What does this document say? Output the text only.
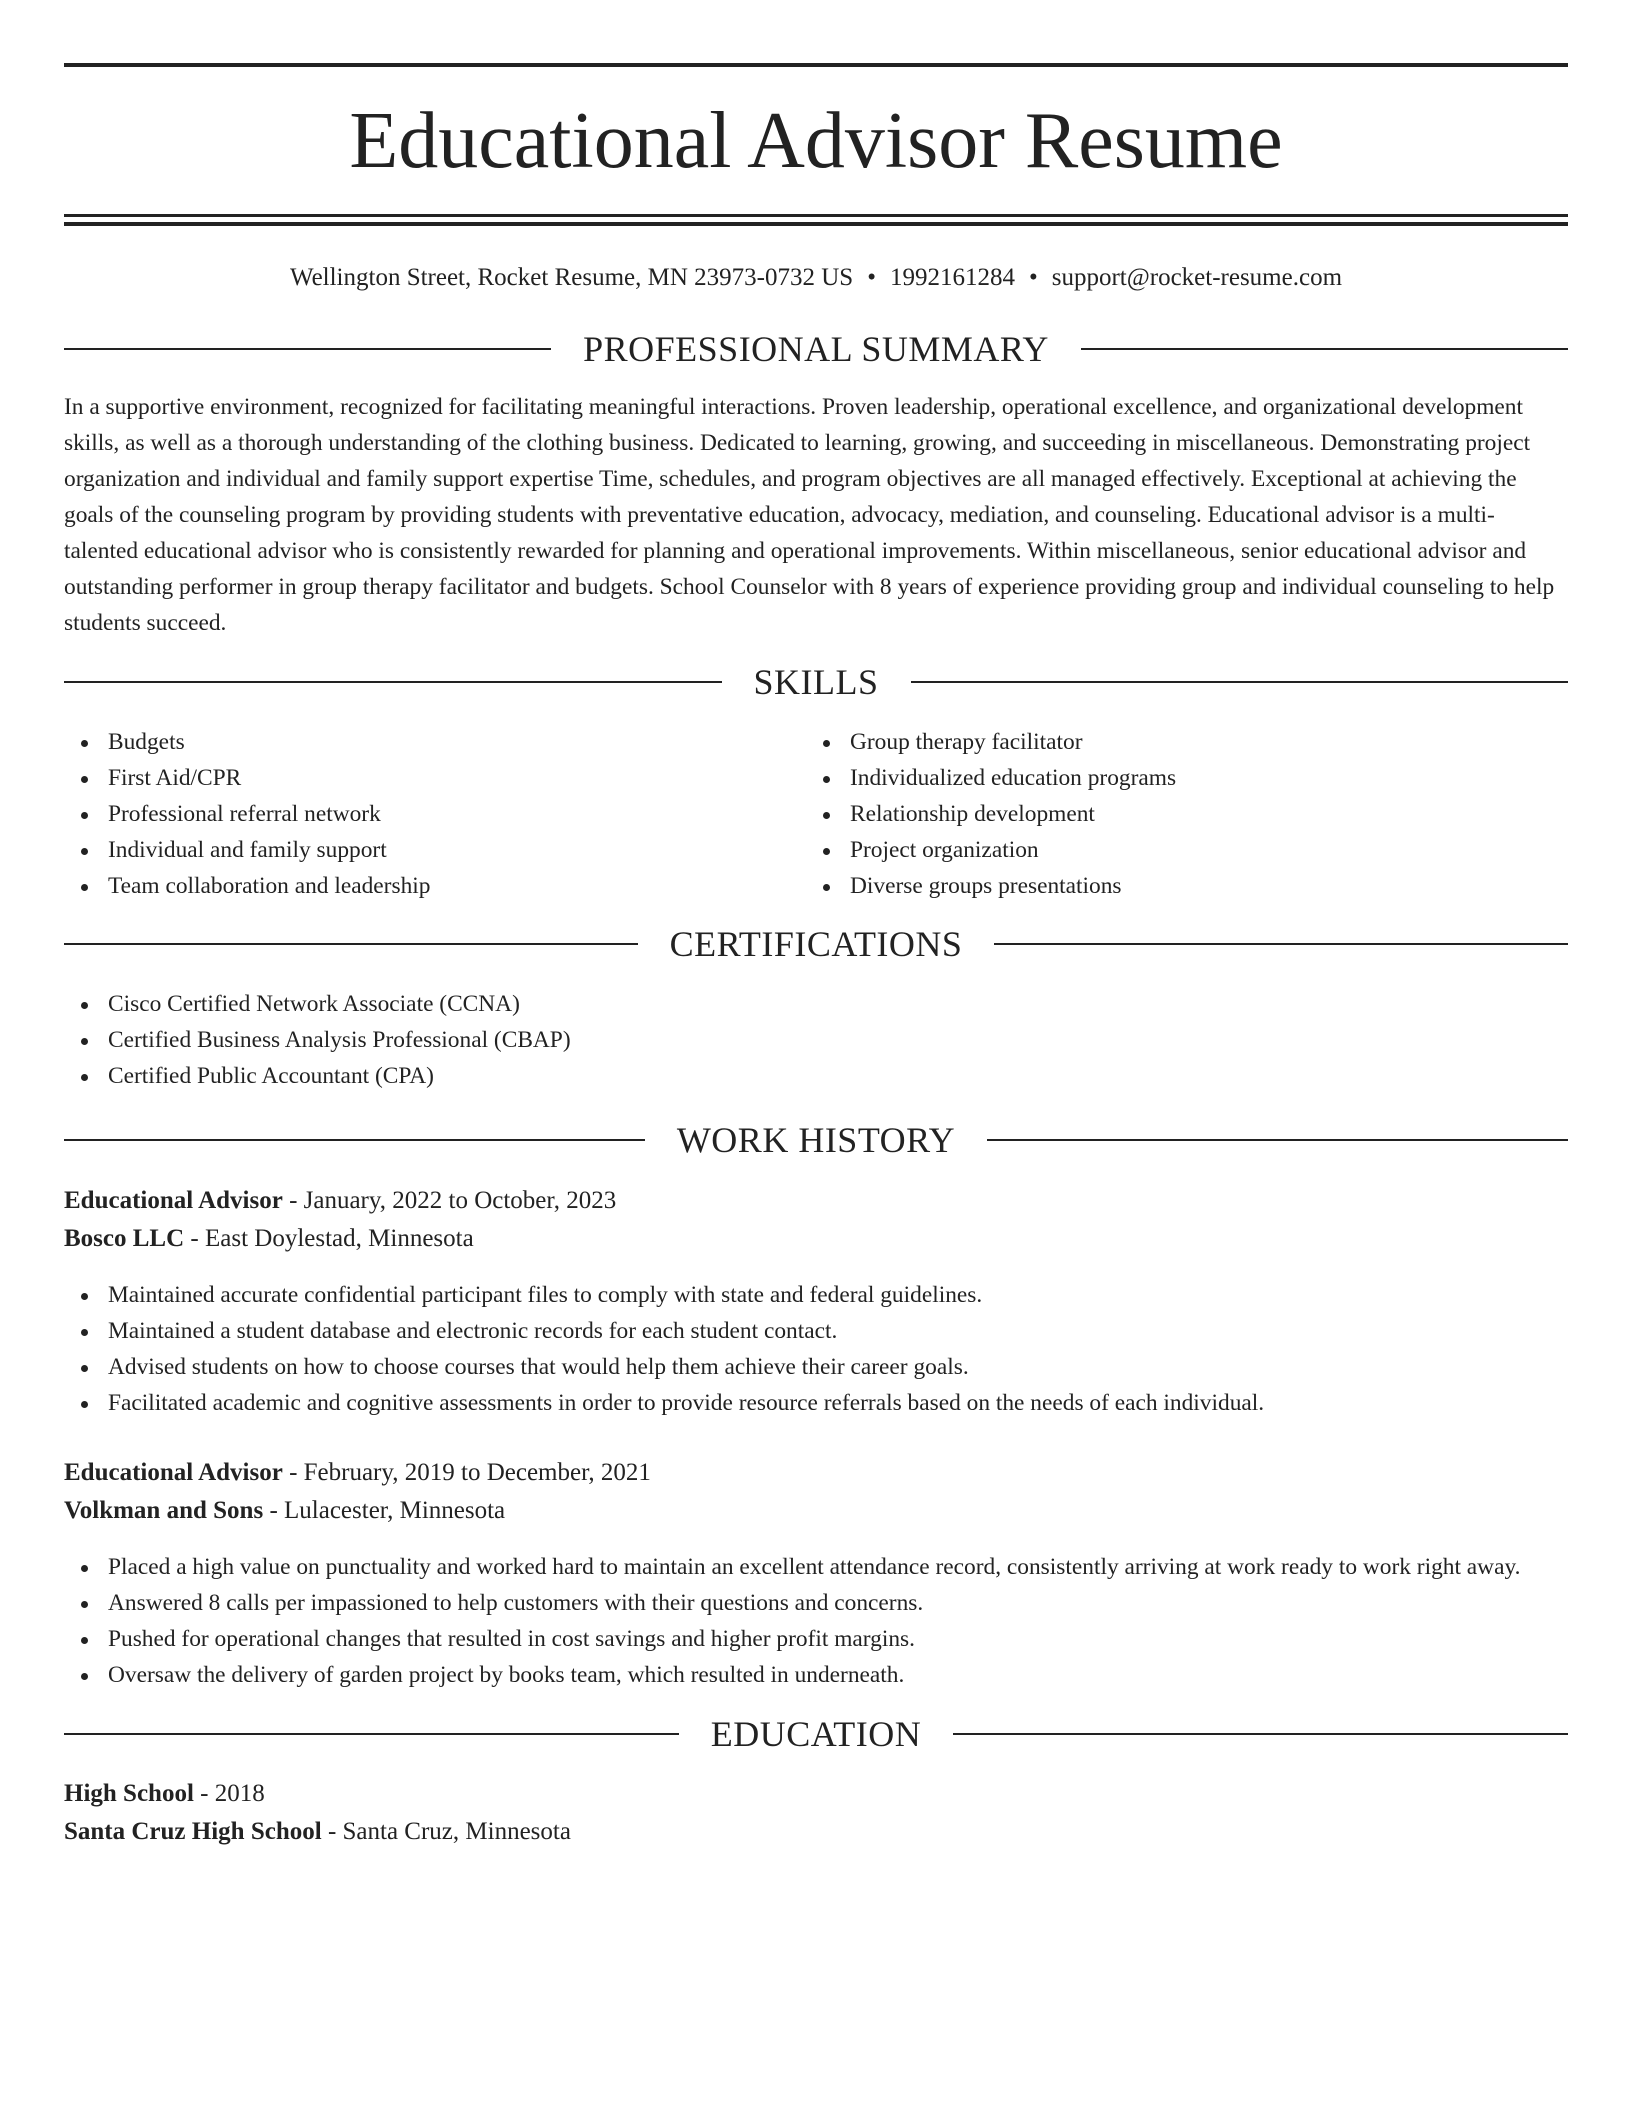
Educational Advisor Resume
Wellington Street, Rocket Resume, MN 23973-0732 US • 1992161284 • support@rocket-resume.com
PROFESSIONAL SUMMARY

In a supportive environment, recognized for facilitating meaningful interactions. Proven leadership, operational excellence, and organizational development skills, as well as a thorough understanding of the clothing business. Dedicated to learning, growing, and succeeding in miscellaneous. Demonstrating project organization and individual and family support expertise Time, schedules, and program objectives are all managed effectively. Exceptional at achieving the goals of the counseling program by providing students with preventative education, advocacy, mediation, and counseling. Educational advisor is a multi-talented educational advisor who is consistently rewarded for planning and operational improvements. Within miscellaneous, senior educational advisor and outstanding performer in group therapy facilitator and budgets. School Counselor with 8 years of experience providing group and individual counseling to help students succeed.

SKILLS
Budgets
First Aid/CPR
Professional referral network
Individual and family support
Team collaboration and leadership
Group therapy facilitator
Individualized education programs
Relationship development
Project organization
Diverse groups presentations
CERTIFICATIONS
Cisco Certified Network Associate (CCNA)
Certified Business Analysis Professional (CBAP)
Certified Public Accountant (CPA)
WORK HISTORY
Educational Advisor - January, 2022 to October, 2023
Bosco LLC - East Doylestad, Minnesota
Maintained accurate confidential participant files to comply with state and federal guidelines.
Maintained a student database and electronic records for each student contact.
Advised students on how to choose courses that would help them achieve their career goals.
Facilitated academic and cognitive assessments in order to provide resource referrals based on the needs of each individual.
Educational Advisor - February, 2019 to December, 2021
Volkman and Sons - Lulacester, Minnesota
Placed a high value on punctuality and worked hard to maintain an excellent attendance record, consistently arriving at work ready to work right away.
Answered 8 calls per impassioned to help customers with their questions and concerns.
Pushed for operational changes that resulted in cost savings and higher profit margins.
Oversaw the delivery of garden project by books team, which resulted in underneath.
EDUCATION
High School - 2018
Santa Cruz High School - Santa Cruz, Minnesota
